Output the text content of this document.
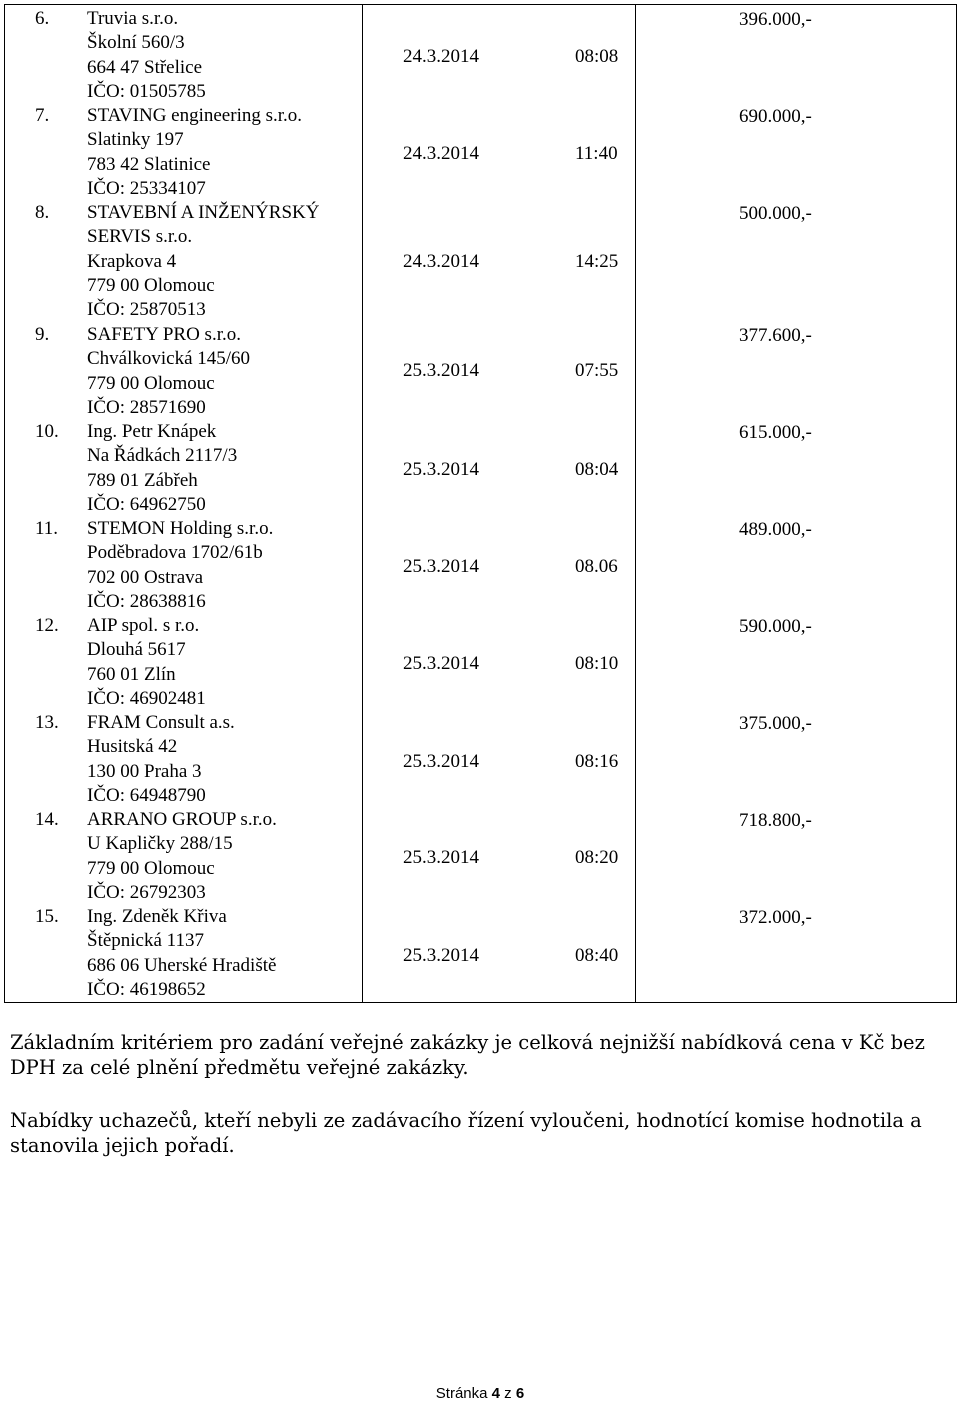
6. Truvia s.r.o.
Školní 560/3
664 47 Střelice
IČO: 01505785
24.3.2014	08:08
396.000,-
7. STAVING engineering s.r.o.
Slatinky 197
783 42 Slatinice
IČO: 25334107
24.3.2014	11:40
690.000,-
8. STAVEBNÍ A INŽENÝRSKÝ
SERVIS s.r.o.
Krapkova 4
779 00 Olomouc
IČO: 25870513
24.3.2014	14:25
500.000,-
9. SAFETY PRO s.r.o.
Chválkovická 145/60
779 00 Olomouc
IČO: 28571690
25.3.2014	07:55
377.600,-
10. Ing. Petr Knápek
Na Řádkách 2117/3
789 01 Zábřeh
IČO: 64962750
25.3.2014	08:04
615.000,-
11. STEMON Holding s.r.o.
Poděbradova 1702/61b
702 00 Ostrava
IČO: 28638816
25.3.2014	08.06
489.000,-
12. AIP spol. s r.o.
Dlouhá 5617
760 01 Zlín
IČO: 46902481
25.3.2014	08:10
590.000,-
13. FRAM Consult a.s.
Husitská 42
130 00 Praha 3
IČO: 64948790
25.3.2014	08:16
375.000,-
14. ARRANO GROUP s.r.o.
U Kapličky 288/15
779 00 Olomouc
IČO: 26792303
25.3.2014	08:20
718.800,-
15. Ing. Zdeněk Křiva
Štěpnická 1137
686 06 Uherské Hradiště
IČO: 46198652
25.3.2014	08:40
372.000,-
Základním kritériem pro zadání veřejné zakázky je celková nejnižší nabídková cena v Kč bez DPH za celé plnění předmětu veřejné zakázky.
Nabídky uchazečů, kteří nebyli ze zadávacího řízení vyloučeni, hodnotící komise hodnotila a stanovila jejich pořadí.
Stránka 4 z 6
